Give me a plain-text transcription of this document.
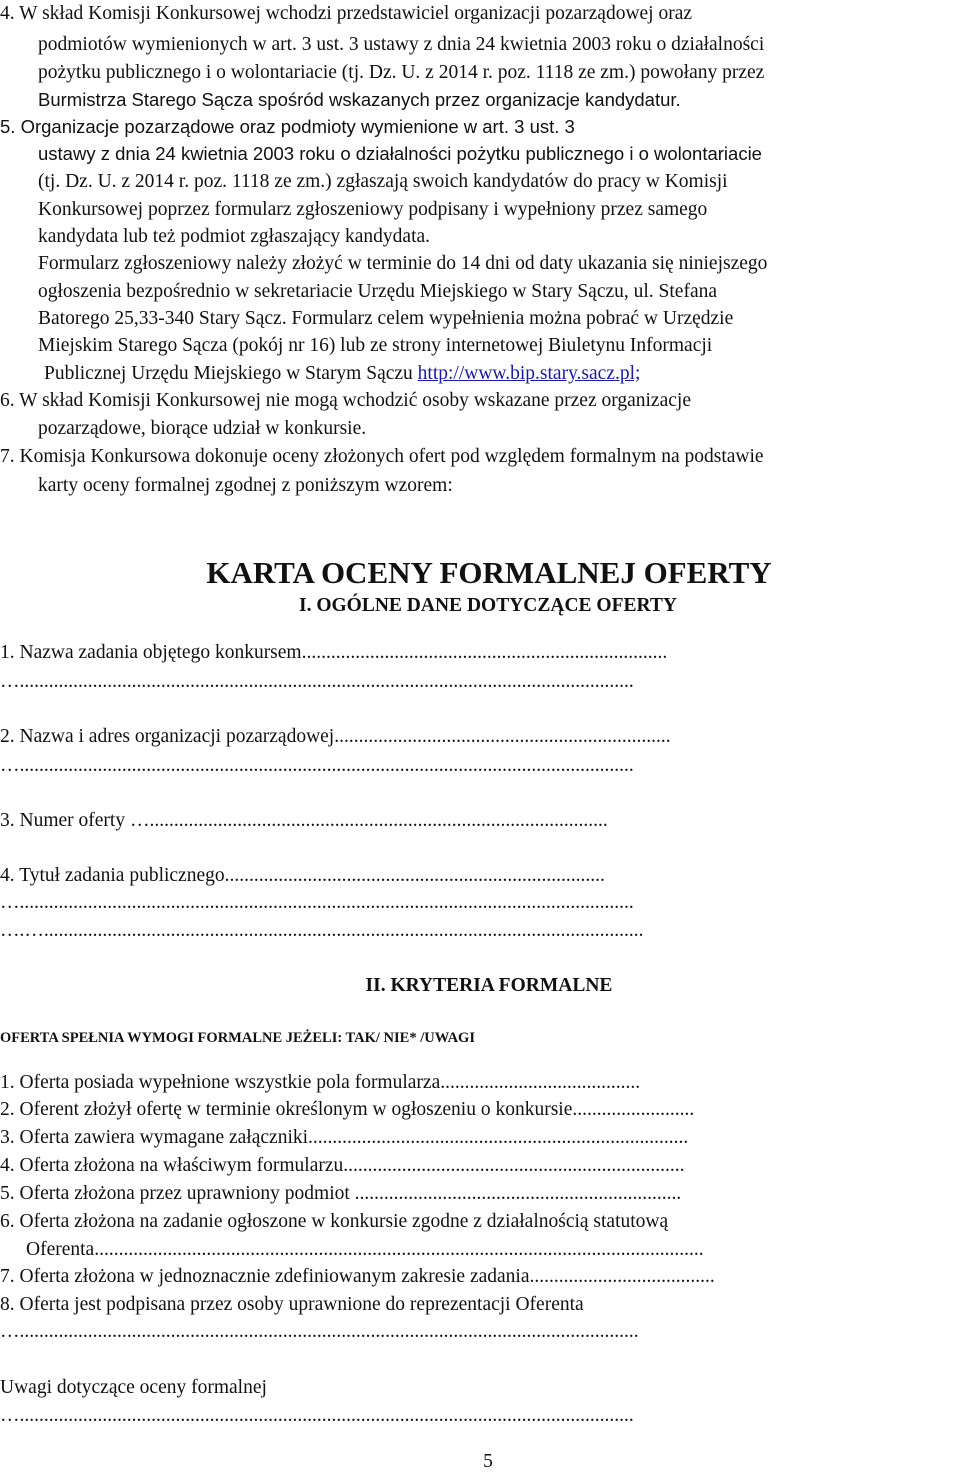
4. W skład Komisji Konkursowej wchodzi przedstawiciel organizacji pozarządowej oraz
podmiotów wymienionych w art. 3 ust. 3 ustawy z dnia 24 kwietnia 2003 roku o działalności
pożytku publicznego i o wolontariacie (tj. Dz. U. z 2014 r. poz. 1118 ze zm.) powołany przez
Burmistrza Starego Sącza spośród wskazanych przez organizacje kandydatur.
5. Organizacje pozarządowe oraz podmioty wymienione w art. 3 ust. 3
ustawy z dnia 24 kwietnia 2003 roku o działalności pożytku publicznego i o wolontariacie
(tj. Dz. U. z 2014 r. poz. 1118 ze zm.) zgłaszają swoich kandydatów do pracy w Komisji
Konkursowej poprzez formularz zgłoszeniowy podpisany i wypełniony przez samego
kandydata lub też podmiot zgłaszający kandydata.
Formularz zgłoszeniowy należy złożyć w terminie do 14 dni od daty ukazania się niniejszego
ogłoszenia bezpośrednio w sekretariacie Urzędu Miejskiego w Stary Sączu, ul. Stefana
Batorego 25,33-340 Stary Sącz. Formularz celem wypełnienia można pobrać w Urzędzie
Miejskim Starego Sącza (pokój nr 16) lub ze strony internetowej Biuletynu Informacji
Publicznej Urzędu Miejskiego w Starym Sączu http://www.bip.stary.sacz.pl;
6. W skład Komisji Konkursowej nie mogą wchodzić osoby wskazane przez organizacje
pozarządowe, biorące udział w konkursie.
7. Komisja Konkursowa dokonuje oceny złożonych ofert pod względem formalnym na podstawie
karty oceny formalnej zgodnej z poniższym wzorem:
KARTA OCENY FORMALNEJ OFERTY
I. OGÓLNE DANE DOTYCZĄCE OFERTY
1. Nazwa zadania objętego konkursem...........................................................................
…..............................................................................................................................
2. Nazwa i adres organizacji pozarządowej.....................................................................
…..............................................................................................................................
3. Numer oferty …..............................................................................................
4. Tytuł zadania publicznego..............................................................................
…..............................................................................................................................
….…...........................................................................................................................
II. KRYTERIA FORMALNE
OFERTA SPEŁNIA WYMOGI FORMALNE JEŻELI: TAK/ NIE* /UWAGI
1. Oferta posiada wypełnione wszystkie pola formularza.........................................
2. Oferent złożył ofertę w terminie określonym w ogłoszeniu o konkursie.........................
3. Oferta zawiera wymagane załączniki..............................................................................
4. Oferta złożona na właściwym formularzu......................................................................
5. Oferta złożona przez uprawniony podmiot ...................................................................
6. Oferta złożona na zadanie ogłoszone w konkursie zgodne z działalnością statutową
Oferenta.............................................................................................................................
7. Oferta złożona w jednoznacznie zdefiniowanym zakresie zadania......................................
8. Oferta jest podpisana przez osoby uprawnione do reprezentacji Oferenta
…...............................................................................................................................
Uwagi dotyczące oceny formalnej
…..............................................................................................................................
5
